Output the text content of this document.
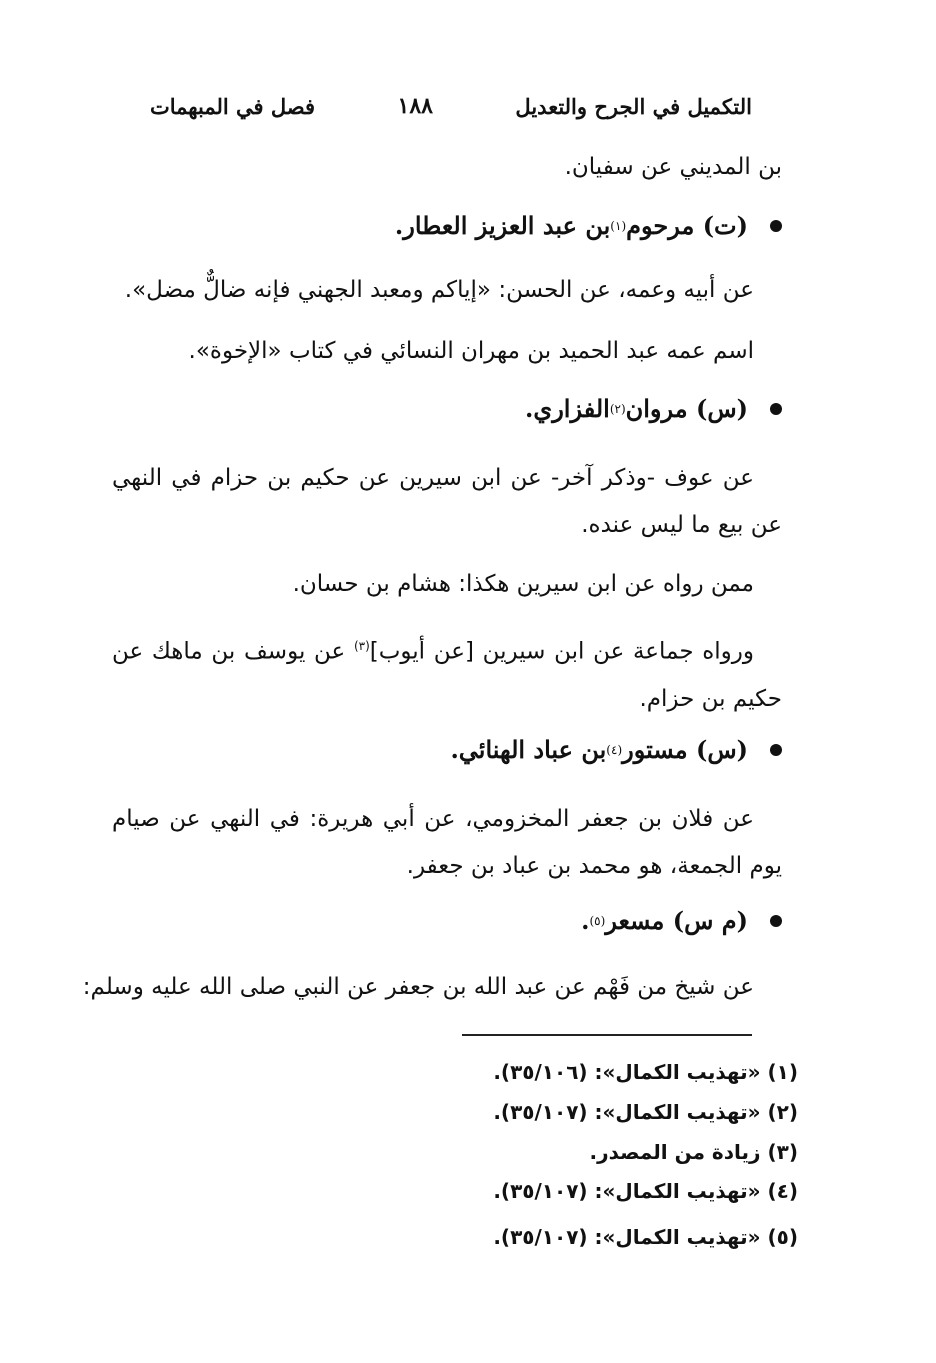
التكميل في الجرح والتعديل
١٨٨
فصل في المبهمات
بن المديني عن سفيان.
(ت)

مرحوم
(١)
بن عبد العزيز العطار.
عن أبيه وعمه، عن الحسن: «إياكم ومعبد الجهني فإنه ضالٌّ مضل».
اسم عمه عبد الحميد بن مهران النسائي في كتاب «الإخوة».
(س)

مروان
(٢)
الفزاري.
عن عوف -وذكر آخر- عن ابن سيرين عن حكيم بن حزام في النهي عن بيع ما ليس عنده.
ممن رواه عن ابن سيرين هكذا: هشام بن حسان.
ورواه جماعة عن ابن سيرين [عن أيوب]$^{(٣)}$ عن يوسف بن ماهك عن حكيم بن حزام.
(س)

مستور
(٤)
بن عباد الهنائي.
عن فلان بن جعفر المخزومي، عن أبي هريرة: في النهي عن صيام يوم الجمعة، هو محمد بن عباد بن جعفر.
(م س)

مسعر
(٥)
.
عن شيخ من فَهْم عن عبد الله بن جعفر عن النبي صلى الله عليه وسلم:
(١) «تهذيب الكمال»: (٣٥/١٠٦).
(٢) «تهذيب الكمال»: (٣٥/١٠٧).
(٣) زيادة من المصدر.
(٤) «تهذيب الكمال»: (٣٥/١٠٧).
(٥) «تهذيب الكمال»: (٣٥/١٠٧).
